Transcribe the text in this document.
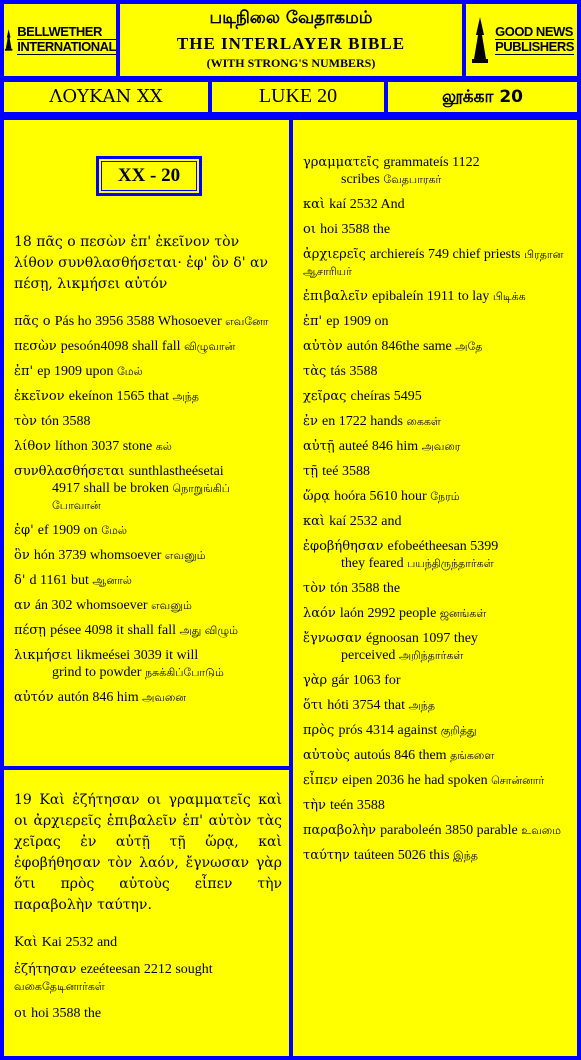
BELLWETHER
INTERNATIONAL
படிநிலை வேதாகமம்
THE INTERLAYER BIBLE
(WITH STRONG'S NUMBERS)
GOOD NEWS
PUBLISHERS
ΛΟΥΚΑΝ XX	LUKE 20	லூக்கா 20
XX - 20
18 πᾶς ο πεσὼν ἐπ' ἐκεῖνον τὸν λίθον συνθλασθήσεται· ἐφ' ὃν δ' αν πέσῃ, λικμήσει αὐτόν
πᾶς ο Pás ho 3956 3588 Whosoever எவனோ
πεσὼν pesoón4098 shall fall விழுவான்
ἐπ' ep 1909 upon மேல்
ἐκεῖνον ekeínon 1565 that அந்த
τὸν tón 3588
λίθον líthon 3037 stone கல்
συνθλασθήσεται sunthlastheésetai
4917 shall be broken நொறுங்கிப் போவான்
ἐφ' ef 1909 on மேல்
ὃν hón 3739 whomsoever எவனும்
δ' d 1161 but ஆனால்
αν án 302 whomsoever எவனும்
πέσῃ pésee 4098 it shall fall அது விழும்
λικμήσει likmeései 3039 it will
grind to powder நசுக்கிப்போடும்
αὐτόν autón 846 him அவனை
19 Καὶ ἐζήτησαν οι γραμματεῖς καὶ οι ἀρχιερεῖς ἐπιβαλεῖν ἐπ' αὐτὸν τὰς χεῖρας ἐν αὐτῇ τῇ ὥρᾳ, καὶ ἐφοβήθησαν τὸν λαόν, ἔγνωσαν γὰρ ὅτι πρὸς αὐτοὺς εἶπεν τὴν παραβολὴν ταύτην.
Καὶ Kai 2532 and
ἐζήτησαν ezeéteesan 2212 sought வகைதேடினார்கள்
οι hoi 3588 the
γραμματεῖς grammateís 1122
scribes வேதபாரகர்
καὶ kaí 2532 And
οι hoi 3588 the
ἀρχιερεῖς archiereís 749 chief priests பிரதான ஆசாரியர்
ἐπιβαλεῖν epibaleín 1911 to lay பிடிக்க
ἐπ' ep 1909 on
αὐτὸν autón 846the same அதே
τὰς tás 3588
χεῖρας cheíras 5495
ἐν en 1722 hands கைகள்
αὐτῇ auteé 846 him அவரை
τῇ teé 3588
ὥρᾳ hoóra 5610 hour நேரம்
καὶ kaí 2532 and
ἐφοβήθησαν efobeétheesan 5399
they feared பயந்திருந்தார்கள்
τὸν tón 3588 the
λαόν laón 2992 people ஜனங்கள்
ἔγνωσαν égnoosan 1097 they
perceived அறிந்தார்கள்
γὰρ gár 1063 for
ὅτι hóti 3754 that அந்த
πρὸς prós 4314 against குறித்து
αὐτοὺς autoús 846 them தங்களை
εἶπεν eipen 2036 he had spoken சொன்னார்
τὴν teén 3588
παραβολὴν paraboleén 3850 parable உவமை
ταύτην taúteen 5026 this இந்த
